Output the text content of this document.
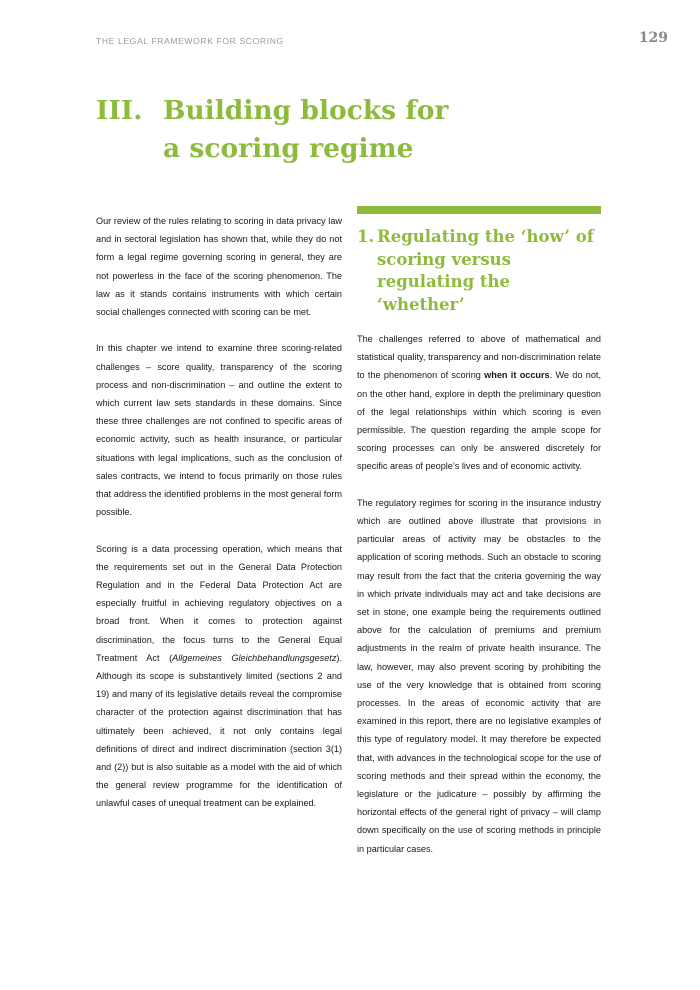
THE LEGAL FRAMEWORK FOR SCORING	129
III. Building blocks for
a scoring regime

Our review of the rules relating to scoring in data privacy law and in sectoral legislation has shown that, while they do not form a legal regime governing scoring in general, they are not powerless in the face of the scoring phenomenon. The law as it stands contains instruments with which certain social challenges connected with scoring can be met.

In this chapter we intend to examine three scoring-related challenges – score quality, transparency of the scoring process and non-discrimination – and outline the extent to which current law sets standards in these domains. Since these three challenges are not confined to specific areas of economic activity, such as health insurance, or particular situations with legal implications, such as the conclusion of sales contracts, we intend to focus primarily on those rules that address the identified problems in the most general form possible.

Scoring is a data processing operation, which means that the requirements set out in the General Data Protection Regulation and in the Federal Data Protection Act are especially fruitful in achieving regulatory objectives on a broad front. When it comes to protection against discrimination, the focus turns to the General Equal Treatment Act (Allgemeines Gleichbehandlungsgesetz). Although its scope is substantively limited (sections 2 and 19) and many of its legislative details reveal the compromise character of the protection against discrimination that has ultimately been achieved, it not only contains legal definitions of direct and indirect discrimination (section 3(1) and (2)) but is also suitable as a model with the aid of which the general review programme for the identification of unlawful cases of unequal treatment can be explained.

1. Regulating the ‘how’ of scoring versus regulating the ‘whether’

The challenges referred to above of mathematical and statistical quality, transparency and non-discrimination relate to the phenomenon of scoring when it occurs. We do not, on the other hand, explore in depth the preliminary question of the legal relationships within which scoring is even permissible. The question regarding the ample scope for scoring processes can only be answered discretely for specific areas of people’s lives and of economic activity.

The regulatory regimes for scoring in the insurance industry which are outlined above illustrate that provisions in particular areas of activity may be obstacles to the application of scoring methods. Such an obstacle to scoring may result from the fact that the criteria governing the way in which private individuals may act and take decisions are set in stone, one example being the requirements outlined above for the calculation of premiums and premium adjustments in the realm of private health insurance. The law, however, may also prevent scoring by prohibiting the use of the very knowledge that is obtained from scoring processes. In the areas of economic activity that are examined in this report, there are no legislative examples of this type of regulatory model. It may therefore be expected that, with advances in the technological scope for the use of scoring methods and their spread within the economy, the legislature or the judicature – possibly by affirming the horizontal effects of the general right of privacy – will clamp down specifically on the use of scoring methods in principle in particular cases.
